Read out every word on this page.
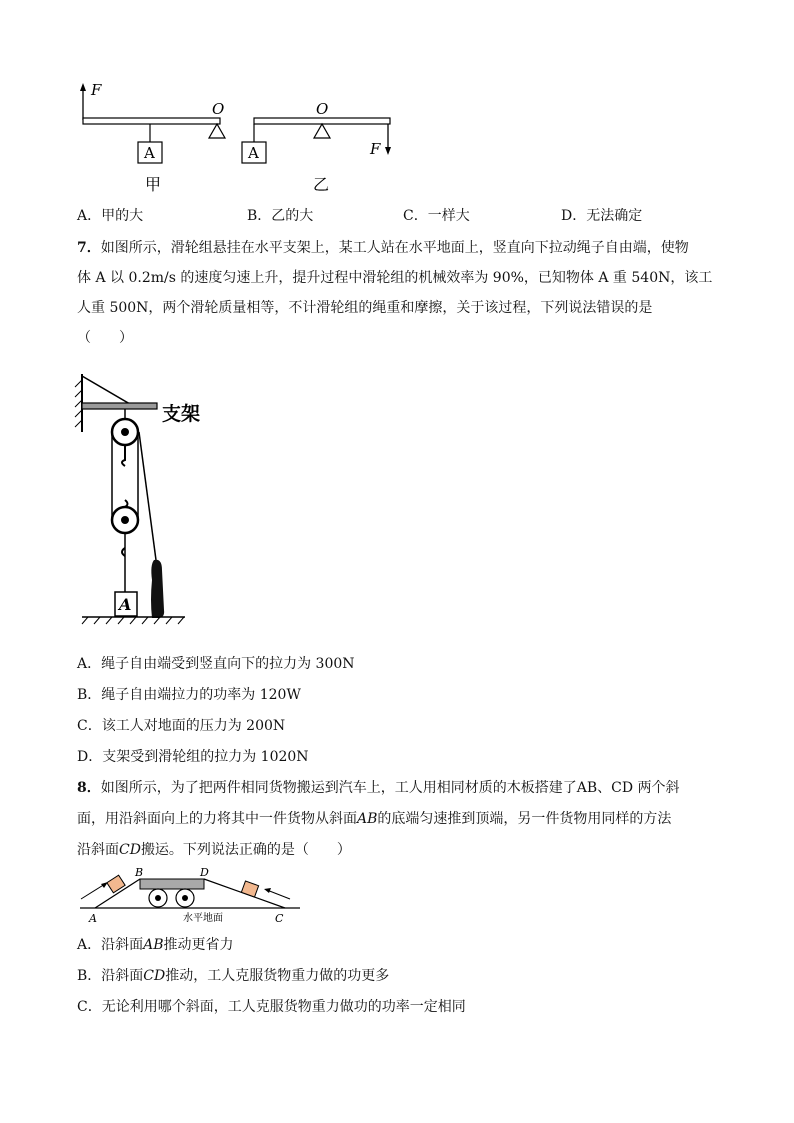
F
A
O
甲
A
O
F
乙
A．甲的大	B．乙的大	C．一样大	D．无法确定
7．如图所示，滑轮组悬挂在水平支架上，某工人站在水平地面上，竖直向下拉动绳子自由端，使物
体 A 以 0.2m/s 的速度匀速上升，提升过程中滑轮组的机械效率为 90%，已知物体 A 重 540N，该工
人重 500N，两个滑轮质量相等，不计滑轮组的绳重和摩擦，关于该过程，下列说法错误的是
（　　）
支架
A
A．绳子自由端受到竖直向下的拉力为 300N
B．绳子自由端拉力的功率为 120W
C．该工人对地面的压力为 200N
D．支架受到滑轮组的拉力为 1020N
8．如图所示，为了把两件相同货物搬运到汽车上，工人用相同材质的木板搭建了AB、CD 两个斜
面，用沿斜面向上的力将其中一件货物从斜面AB的底端匀速推到顶端，另一件货物用同样的方法
沿斜面CD搬运。下列说法正确的是（　　）
A
B
C
D
水平地面
A．沿斜面AB推动更省力
B．沿斜面CD推动，工人克服货物重力做的功更多
C．无论利用哪个斜面，工人克服货物重力做功的功率一定相同
